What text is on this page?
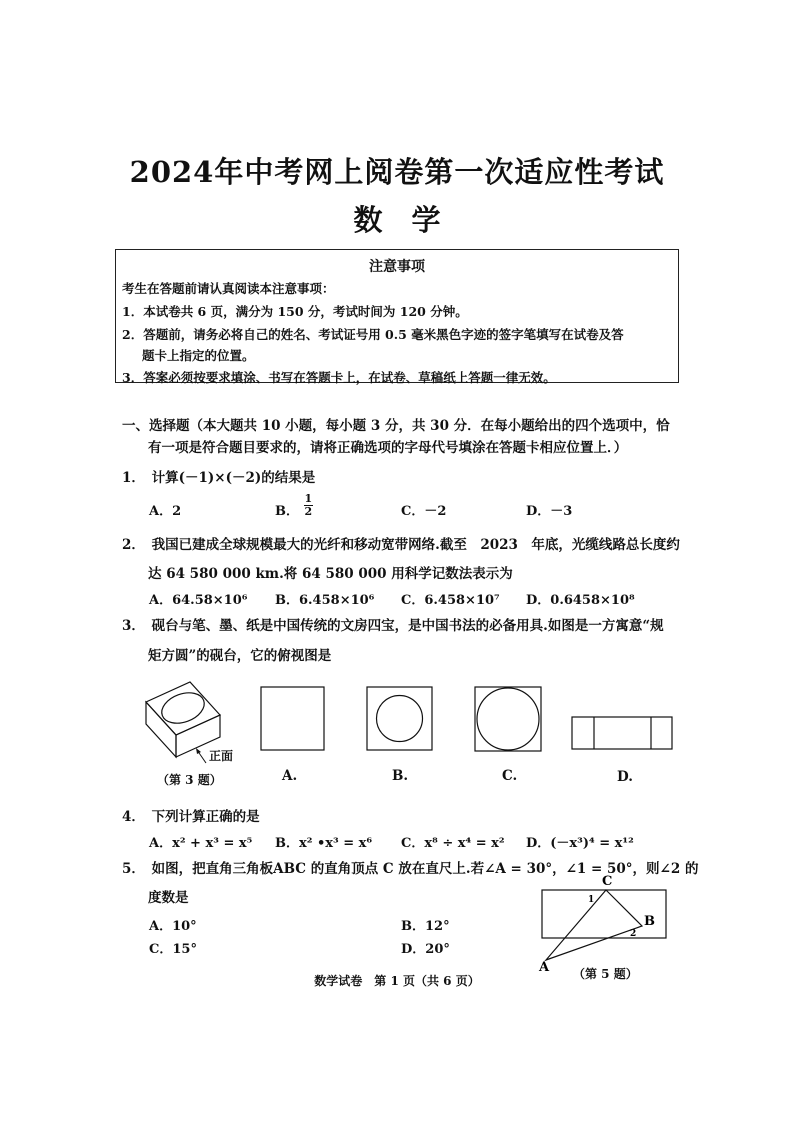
2024年中考网上阅卷第一次适应性考试
数　学
注意事项
考生在答题前请认真阅读本注意事项：
1．本试卷共 6 页，满分为 150 分，考试时间为 120 分钟。
2．答题前，请务必将自己的姓名、考试证号用 0.5 毫米黑色字迹的签字笔填写在试卷及答
题卡上指定的位置。
3．答案必须按要求填涂、书写在答题卡上，在试卷、草稿纸上答题一律无效。
一、选择题（本大题共 10 小题，每小题 3 分，共 30 分．在每小题给出的四个选项中，恰
有一项是符合题目要求的，请将正确选项的字母代号填涂在答题卡相应位置上．）
1．　计算(－1)×(－2)的结果是
A．2	B． $\frac{1}{2}$	C．－2	D．－3
2．　我国已建成全球规模最大的光纤和移动宽带网络.截至　2023　年底，光缆线路总长度约
达 64 580 000 km.将 64 580 000 用科学记数法表示为
A．64.58×10⁶ B．6.458×10⁶ C．6.458×10⁷ D．0.6458×10⁸
3．　砚台与笔、墨、纸是中国传统的文房四宝，是中国书法的必备用具.如图是一方寓意“规
矩方圆”的砚台，它的俯视图是
正面
（第 3 题）	A.	B.	C.	D.
4．　下列计算正确的是
A．x² + x³ = x⁵ B．x² •x³ = x⁶ C．x⁸ ÷ x⁴ = x² D．(－x³)⁴ = x¹²
5．　如图，把直角三角板ABC 的直角顶点 C 放在直尺上.若∠A = 30°，∠1 = 50°，则∠2 的
度数是
A．10°	B．12°
C．15°	D．20°
C
B
A
1
2
（第 5 题）
数学试卷　第 1 页（共 6 页）
